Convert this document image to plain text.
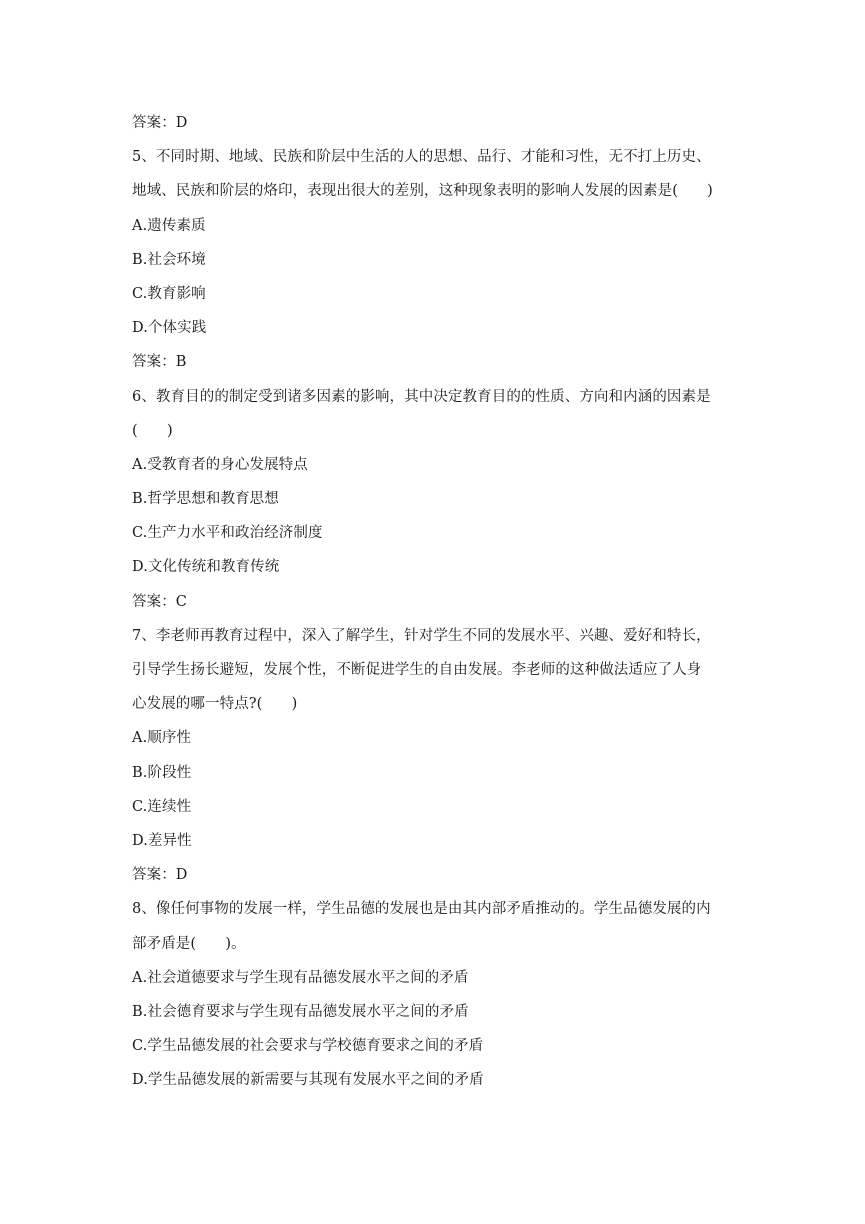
答案：D
5、不同时期、地域、民族和阶层中生活的人的思想、品行、才能和习性，无不打上历史、
地域、民族和阶层的烙印，表现出很大的差别，这种现象表明的影响人发展的因素是(　　)
A.遗传素质
B.社会环境
C.教育影响
D.个体实践
答案：B
6、教育目的的制定受到诸多因素的影响，其中决定教育目的的性质、方向和内涵的因素是
(　　)
A.受教育者的身心发展特点
B.哲学思想和教育思想
C.生产力水平和政治经济制度
D.文化传统和教育传统
答案：C
7、李老师再教育过程中，深入了解学生，针对学生不同的发展水平、兴趣、爱好和特长，
引导学生扬长避短，发展个性，不断促进学生的自由发展。李老师的这种做法适应了人身
心发展的哪一特点?(　　)
A.顺序性
B.阶段性
C.连续性
D.差异性
答案：D
8、像任何事物的发展一样，学生品德的发展也是由其内部矛盾推动的。学生品德发展的内
部矛盾是(　　)。
A.社会道德要求与学生现有品德发展水平之间的矛盾
B.社会德育要求与学生现有品德发展水平之间的矛盾
C.学生品德发展的社会要求与学校德育要求之间的矛盾
D.学生品德发展的新需要与其现有发展水平之间的矛盾
